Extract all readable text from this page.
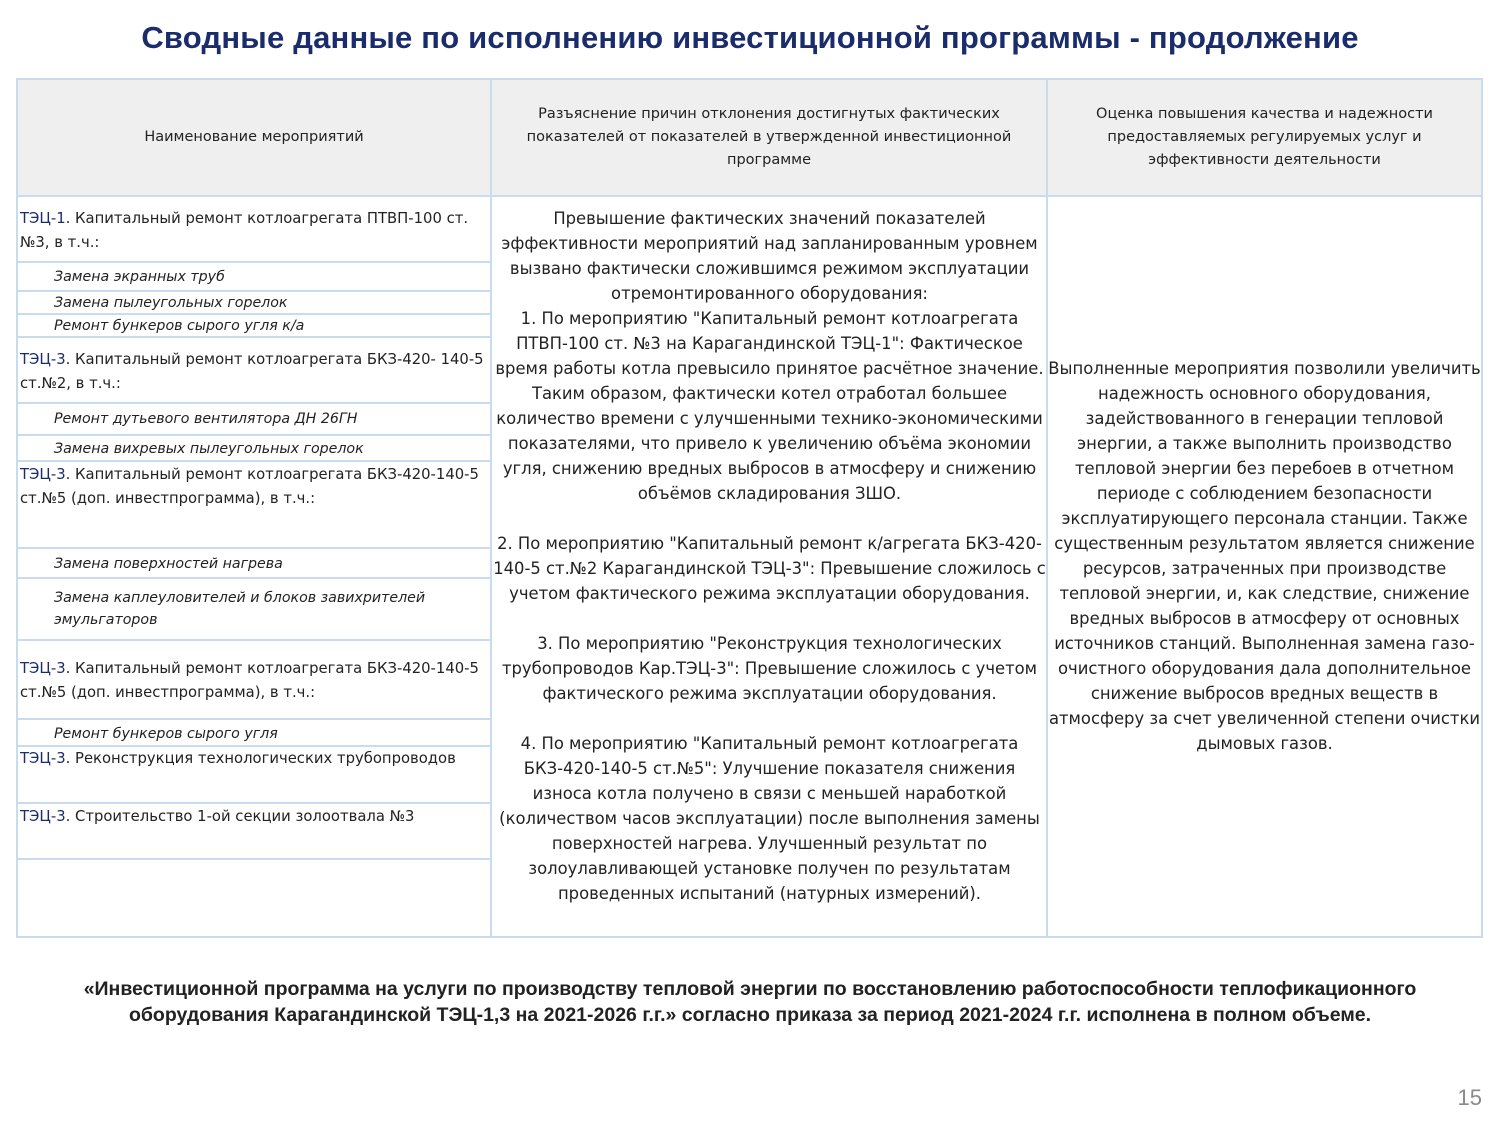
Сводные данные по исполнению инвестиционной программы - продолжение
Наименование мероприятий
Разъяснение причин отклонения достигнутых фактических показателей от показателей в утвержденной инвестиционной программе
Оценка повышения качества и надежности предоставляемых регулируемых услуг и эффективности деятельности
ТЭЦ-1. Капитальный ремонт котлоагрегата ПТВП-100 ст. №3, в т.ч.:
Замена экранных труб
Замена пылеугольных горелок
Ремонт бункеров сырого угля к/а
ТЭЦ-3. Капитальный ремонт котлоагрегата БКЗ-420- 140-5 ст.№2, в т.ч.:
Ремонт дутьевого вентилятора ДН 26ГН
Замена вихревых пылеугольных горелок
ТЭЦ-3. Капитальный ремонт котлоагрегата БКЗ-420-140-5 ст.№5 (доп. инвестпрограмма), в т.ч.:
Замена поверхностей нагрева
Замена каплеуловителей и блоков завихрителей эмульгаторов
ТЭЦ-3. Капитальный ремонт котлоагрегата БКЗ-420-140-5 ст.№5 (доп. инвестпрограмма), в т.ч.:
Ремонт бункеров сырого угля
ТЭЦ-3. Реконструкция технологических трубопроводов
ТЭЦ-3. Строительство 1-ой секции золоотвала №3

Превышение фактических значений показателей эффективности мероприятий над запланированным уровнем вызвано фактически сложившимся режимом эксплуатации отремонтированного оборудования:

1. По мероприятию "Капитальный ремонт котлоагрегата ПТВП-100 ст. №3 на Карагандинской ТЭЦ-1": Фактическое время работы котла превысило принятое расчётное значение. Таким образом, фактически котел отработал большее количество времени с улучшенными технико-экономическими показателями, что привело к увеличению объёма экономии угля, снижению вредных выбросов в атмосферу и снижению объёмов складирования ЗШО.

2. По мероприятию "Капитальный ремонт к/агрегата БКЗ-420-140-5 ст.№2 Карагандинской ТЭЦ-3": Превышение сложилось с учетом фактического режима эксплуатации оборудования.

3. По мероприятию "Реконструкция технологических трубопроводов Кар.ТЭЦ-3": Превышение сложилось с учетом фактического режима эксплуатации оборудования.

4. По мероприятию "Капитальный ремонт котлоагрегата БКЗ-420-140-5 ст.№5": Улучшение показателя снижения износа котла получено в связи с меньшей наработкой (количеством часов эксплуатации) после выполнения замены поверхностей нагрева. Улучшенный результат по золоулавливающей установке получен по результатам проведенных испытаний (натурных измерений).

Выполненные мероприятия позволили увеличить надежность основного оборудования, задействованного в генерации тепловой энергии, а также выполнить производство тепловой энергии без перебоев в отчетном периоде с соблюдением безопасности эксплуатирующего персонала станции. Также существенным результатом является снижение ресурсов, затраченных при производстве тепловой энергии, и, как следствие, снижение вредных выбросов в атмосферу от основных источников станций. Выполненная замена газо-очистного оборудования дала дополнительное снижение выбросов вредных веществ в атмосферу за счет увеличенной степени очистки дымовых газов.
«Инвестиционной программа на услуги по производству тепловой энергии по восстановлению работоспособности теплофикационного оборудования Карагандинской ТЭЦ-1,3 на 2021-2026 г.г.» согласно приказа за период 2021-2024 г.г. исполнена в полном объеме.
15
